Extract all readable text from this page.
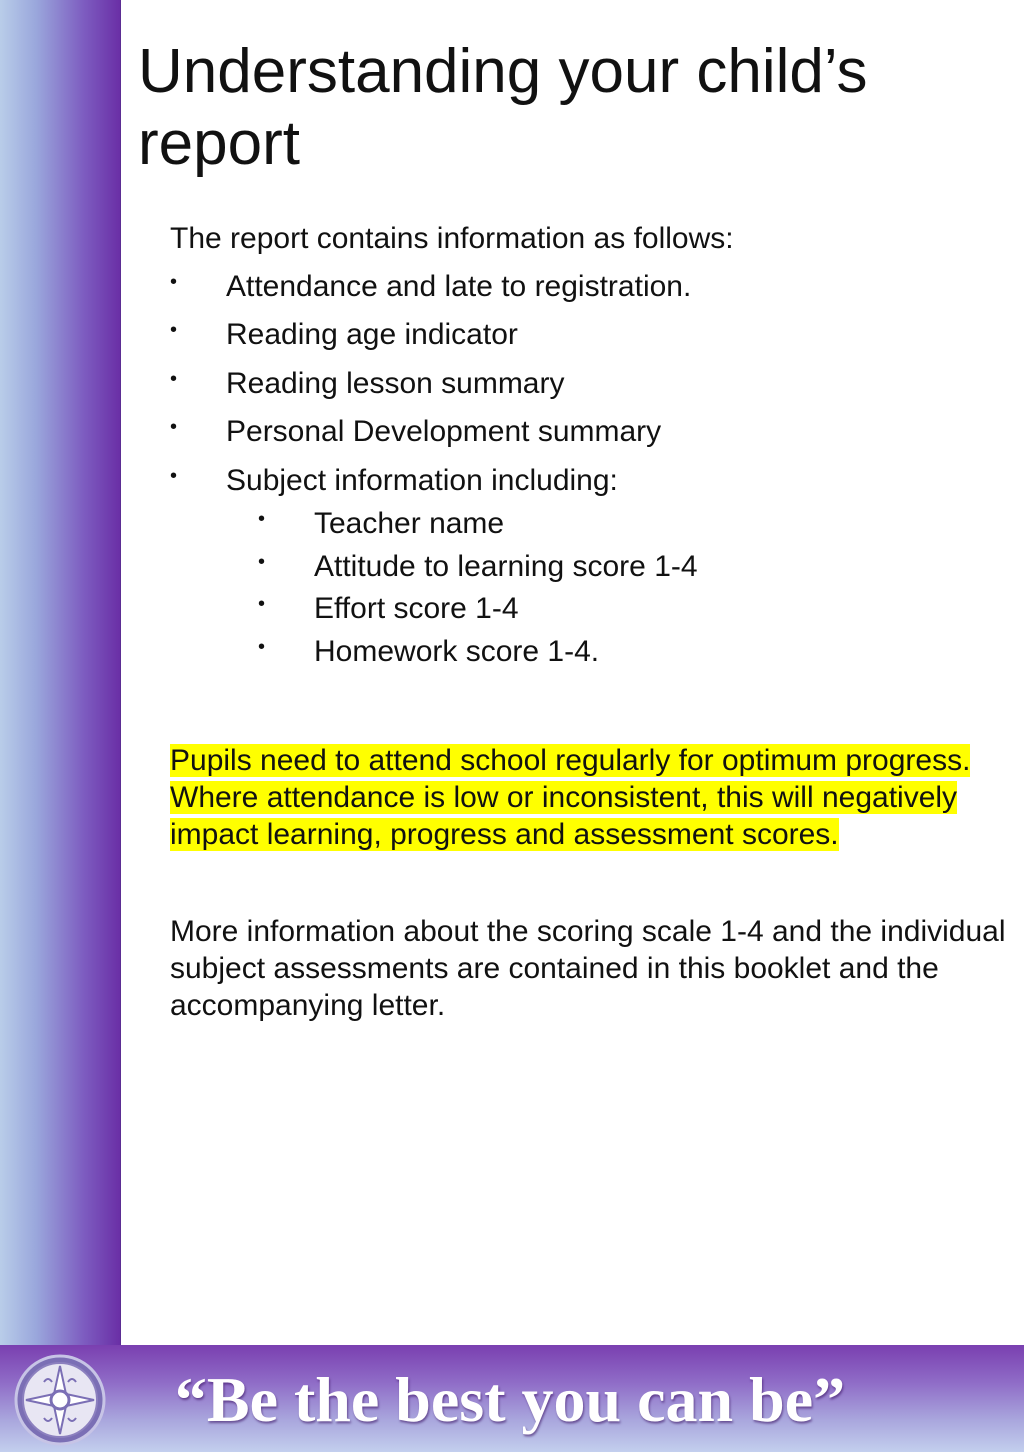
Understanding your child’s report

The report contains information as follows:

• Attendance and late to registration.
• Reading age indicator
• Reading lesson summary
• Personal Development summary
• Subject information including:
• Teacher name
• Attitude to learning score 1-4
• Effort score 1-4
• Homework score 1-4.

Pupils need to attend school regularly for optimum progress. Where attendance is low or inconsistent, this will negatively impact learning, progress and assessment scores.

More information about the scoring scale 1-4 and the individual subject assessments are contained in this booklet and the accompanying letter.

“Be the best you can be”
